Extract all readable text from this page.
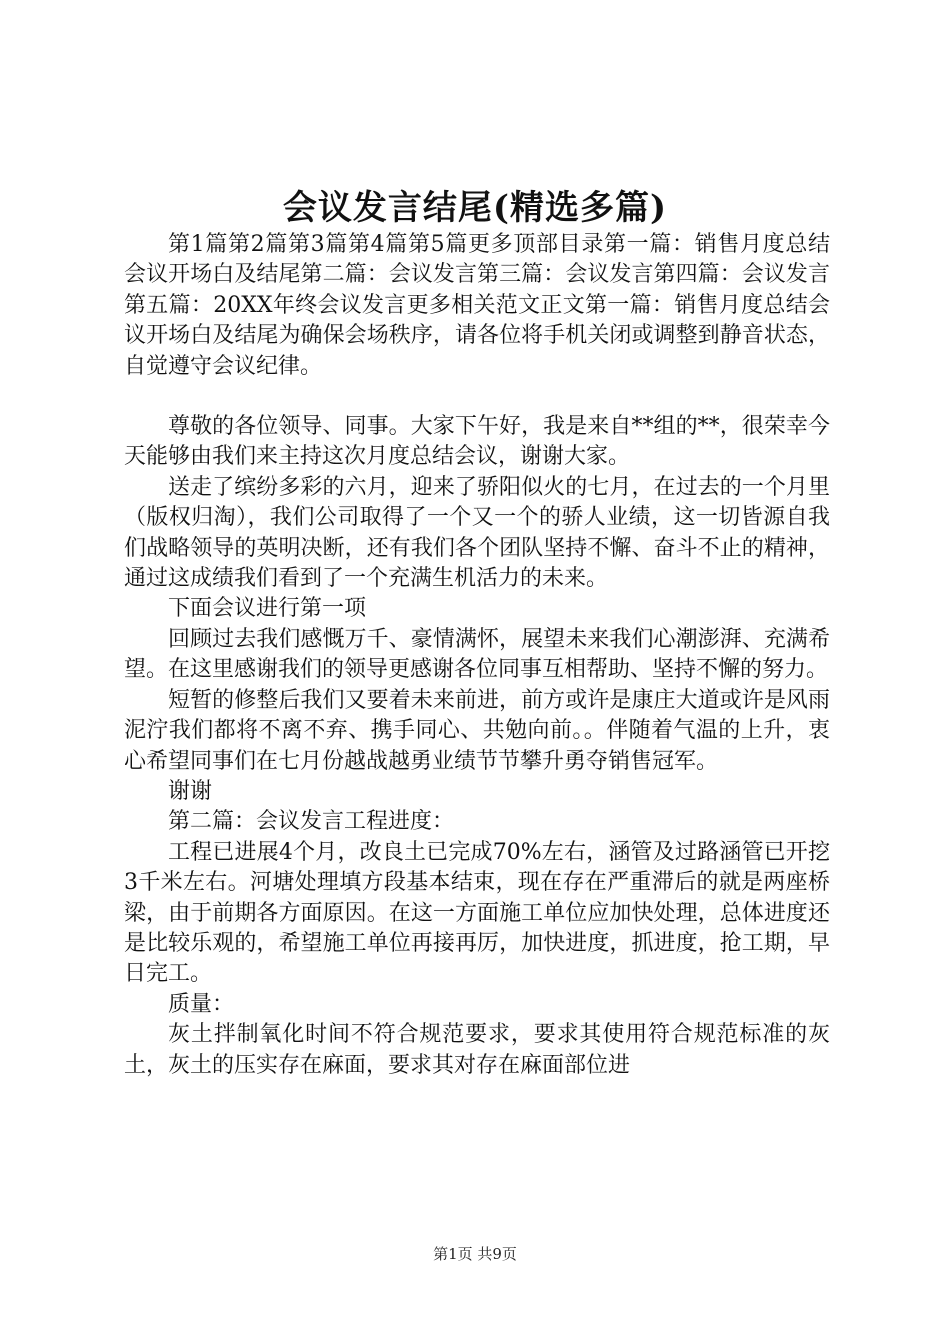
会议发言结尾(精选多篇)

第1篇第2篇第3篇第4篇第5篇更多顶部目录第一篇：销售月度总结会议开场白及结尾第二篇：会议发言第三篇：会议发言第四篇：会议发言第五篇：20XX年终会议发言更多相关范文正文第一篇：销售月度总结会议开场白及结尾为确保会场秩序，请各位将手机关闭或调整到静音状态，自觉遵守会议纪律。

尊敬的各位领导、同事。大家下午好，我是来自**组的**，很荣幸今天能够由我们来主持这次月度总结会议，谢谢大家。

送走了缤纷多彩的六月，迎来了骄阳似火的七月，在过去的一个月里（版权归淘），我们公司取得了一个又一个的骄人业绩，这一切皆源自我们战略领导的英明决断，还有我们各个团队坚持不懈、奋斗不止的精神，通过这成绩我们看到了一个充满生机活力的未来。

下面会议进行第一项

回顾过去我们感慨万千、豪情满怀，展望未来我们心潮澎湃、充满希望。在这里感谢我们的领导更感谢各位同事互相帮助、坚持不懈的努力。

短暂的修整后我们又要着未来前进，前方或许是康庄大道或许是风雨泥泞我们都将不离不弃、携手同心、共勉向前。。伴随着气温的上升，衷心希望同事们在七月份越战越勇业绩节节攀升勇夺销售冠军。

谢谢

第二篇：会议发言工程进度：

工程已进展4个月，改良土已完成70%左右，涵管及过路涵管已开挖3千米左右。河塘处理填方段基本结束，现在存在严重滞后的就是两座桥梁，由于前期各方面原因。在这一方面施工单位应加快处理，总体进度还是比较乐观的，希望施工单位再接再厉，加快进度，抓进度，抢工期，早日完工。

质量：

灰土拌制氧化时间不符合规范要求，要求其使用符合规范标准的灰土，灰土的压实存在麻面，要求其对存在麻面部位进

第1页 共9页
